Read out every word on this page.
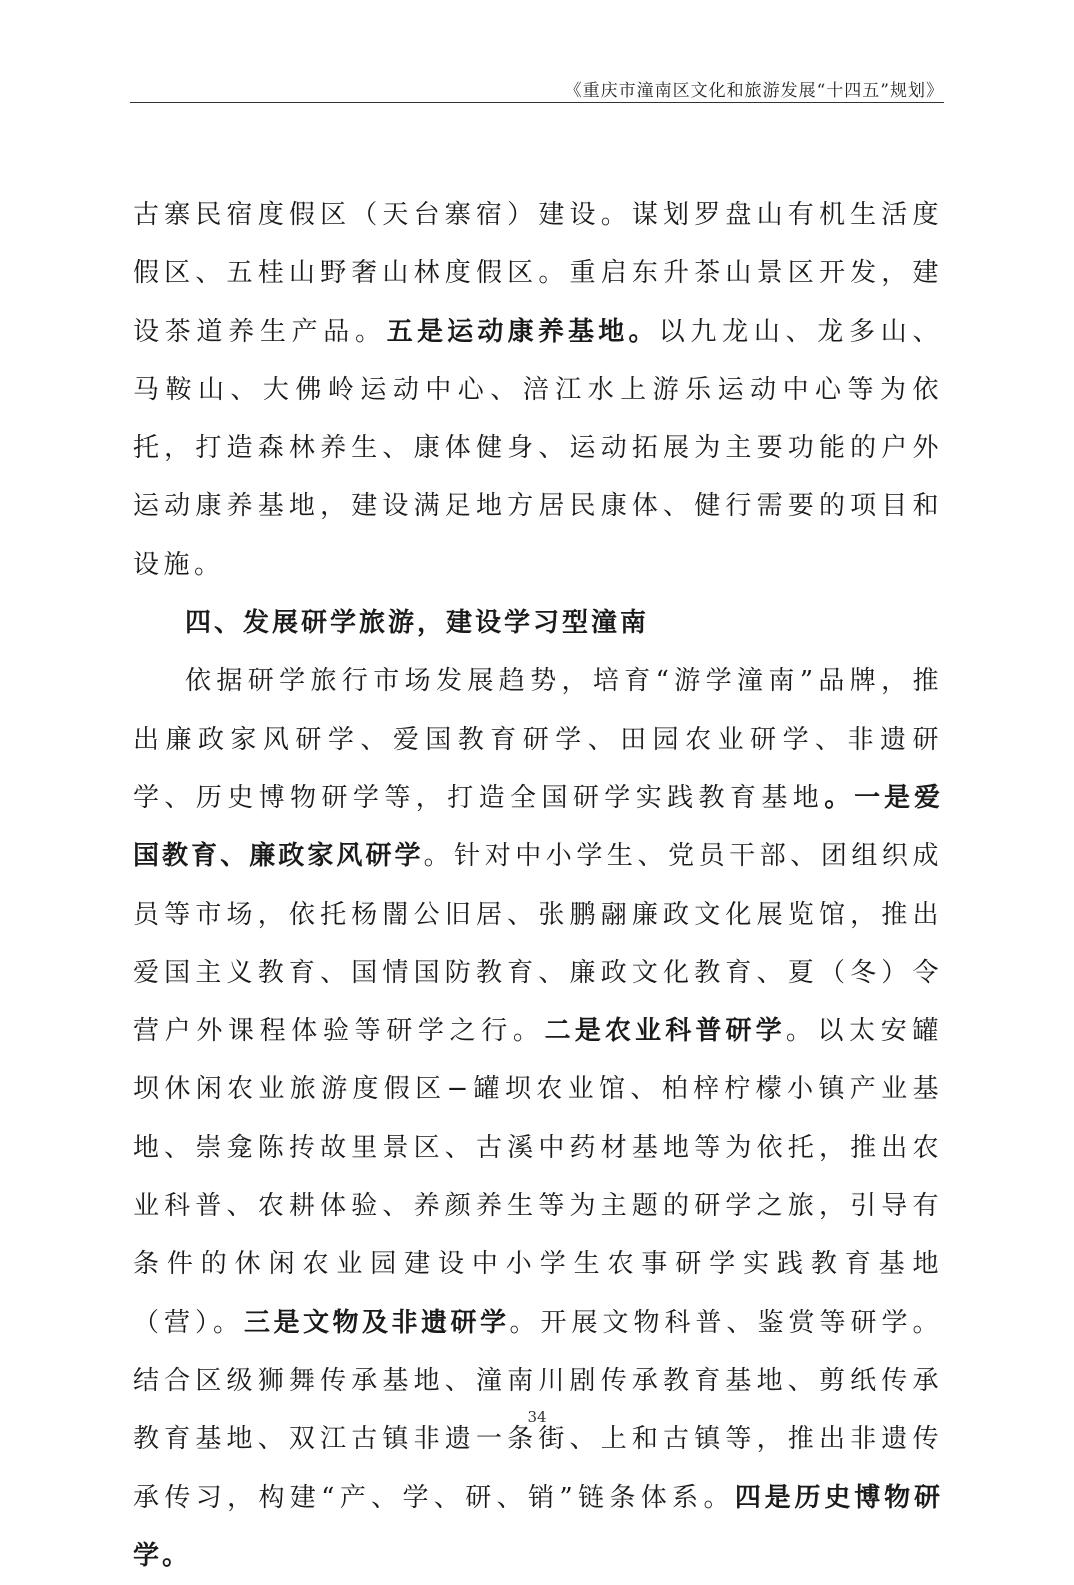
《重庆市潼南区文化和旅游发展“十四五”规划》

古寨民宿度假区（天台寨宿）建设。谋划罗盘山有机生活度假区、五桂山野奢山林度假区。重启东升茶山景区开发，建设茶道养生产品。五是运动康养基地。以九龙山、龙多山、马鞍山、大佛岭运动中心、涪江水上游乐运动中心等为依托，打造森林养生、康体健身、运动拓展为主要功能的户外运动康养基地，建设满足地方居民康体、健行需要的项目和设施。

四、发展研学旅游，建设学习型潼南

依据研学旅行市场发展趋势，培育“游学潼南”品牌，推出廉政家风研学、爱国教育研学、田园农业研学、非遗研学、历史博物研学等，打造全国研学实践教育基地。一是爱国教育、廉政家风研学。针对中小学生、党员干部、团组织成员等市场，依托杨闇公旧居、张鹏翮廉政文化展览馆，推出爱国主义教育、国情国防教育、廉政文化教育、夏（冬）令营户外课程体验等研学之行。二是农业科普研学。以太安罐坝休闲农业旅游度假区−罐坝农业馆、柏梓柠檬小镇产业基地、崇龛陈抟故里景区、古溪中药材基地等为依托，推出农业科普、农耕体验、养颜养生等为主题的研学之旅，引导有条件的休闲农业园建设中小学生农事研学实践教育基地（营）。三是文物及非遗研学。开展文物科普、鉴赏等研学。结合区级狮舞传承基地、潼南川剧传承教育基地、剪纸传承教育基地、双江古镇非遗一条街、上和古镇等，推出非遗传承传习，构建“产、学、研、销”链条体系。四是历史博物研学。

34
